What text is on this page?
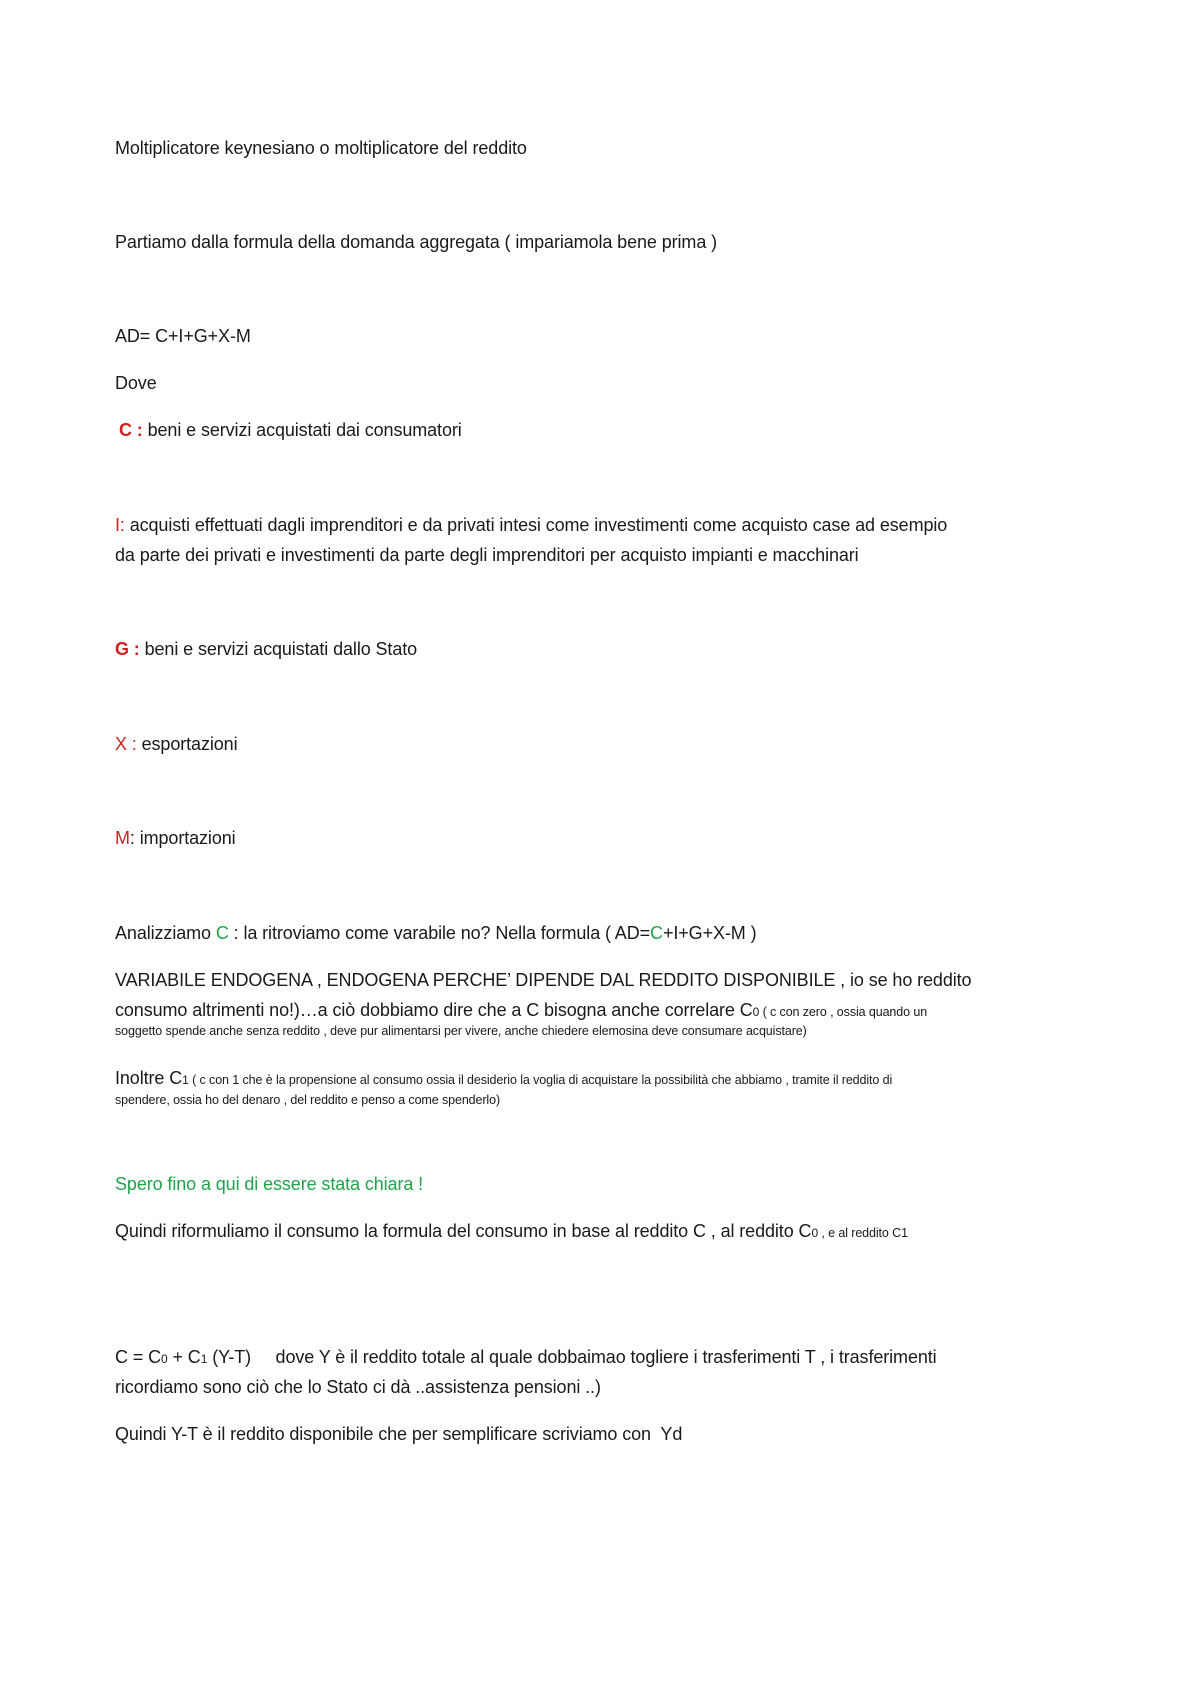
Moltiplicatore keynesiano o moltiplicatore del reddito
Partiamo dalla formula della domanda aggregata ( impariamola bene prima )
AD= C+I+G+X-M
Dove
C : beni e servizi acquistati dai consumatori
I: acquisti effettuati dagli imprenditori e da privati intesi come investimenti come acquisto case ad esempio
da parte dei privati e investimenti da parte degli imprenditori per acquisto impianti e macchinari
G : beni e servizi acquistati dallo Stato
X : esportazioni
M: importazioni
Analizziamo C : la ritroviamo come varabile no? Nella formula ( AD=C+I+G+X-M )
VARIABILE ENDOGENA , ENDOGENA PERCHE’ DIPENDE DAL REDDITO DISPONIBILE , io se ho reddito
consumo altrimenti no!)…a ciò dobbiamo dire che a C bisogna anche correlare C0 ( c con zero , ossia quando un
soggetto spende anche senza reddito , deve pur alimentarsi per vivere, anche chiedere elemosina deve consumare acquistare)
Inoltre C1 ( c con 1 che è la propensione al consumo ossia il desiderio la voglia di acquistare la possibilità che abbiamo , tramite il reddito di
spendere, ossia ho del denaro , del reddito e penso a come spenderlo)
Spero fino a qui di essere stata chiara !
Quindi riformuliamo il consumo la formula del consumo in base al reddito C , al reddito C0 , e al reddito C1
C = C0 + C1 (Y-T)     dove Y è il reddito totale al quale dobbaimao togliere i trasferimenti T , i trasferimenti
ricordiamo sono ciò che lo Stato ci dà ..assistenza pensioni ..)
Quindi Y-T è il reddito disponibile che per semplificare scriviamo con  Yd
